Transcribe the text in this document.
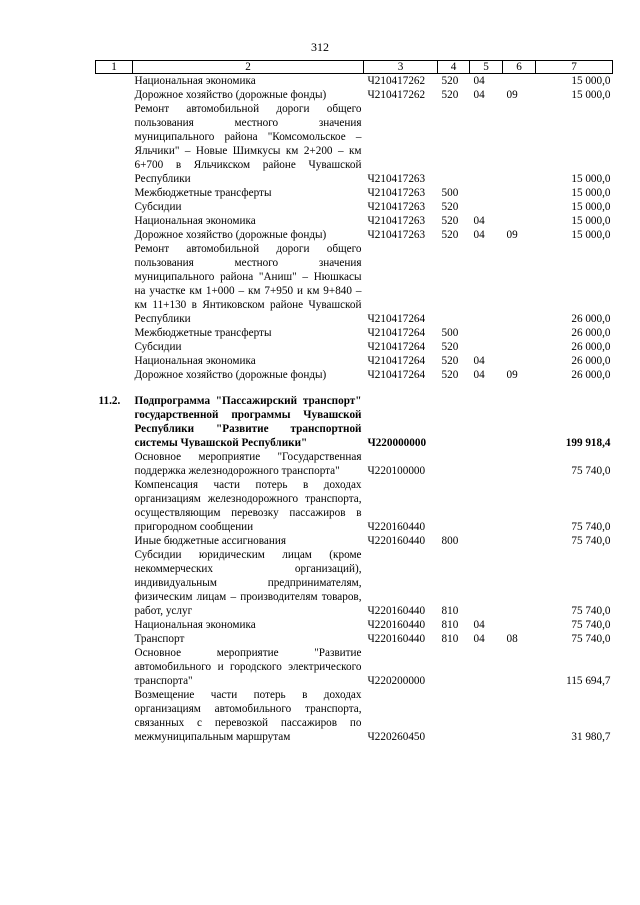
312
1	2	3	4	5	6	7
	Национальная экономика	Ч210417262	520	04		15 000,0
	Дорожное хозяйство (дорожные фонды)	Ч210417262	520	04	09	15 000,0
	Ремонт автомобильной дороги общего пользования местного значения муниципального района "Комсомольское – Яльчики" – Новые Шимкусы км 2+200 – км 6+700 в Яльчикском районе Чувашской Республики	Ч210417263				15 000,0
	Межбюджетные трансферты	Ч210417263	500			15 000,0
	Субсидии	Ч210417263	520			15 000,0
	Национальная экономика	Ч210417263	520	04		15 000,0
	Дорожное хозяйство (дорожные фонды)	Ч210417263	520	04	09	15 000,0
	Ремонт автомобильной дороги общего пользования местного значения муниципального района "Аниш" – Нюшкасы на участке км 1+000 – км 7+950 и км 9+840 – км 11+130 в Янтиковском районе Чувашской Республики	Ч210417264				26 000,0
	Межбюджетные трансферты	Ч210417264	500			26 000,0
	Субсидии	Ч210417264	520			26 000,0
	Национальная экономика	Ч210417264	520	04		26 000,0
	Дорожное хозяйство (дорожные фонды)	Ч210417264	520	04	09	26 000,0

11.2.	Подпрограмма "Пассажирский транспорт" государственной программы Чувашской Республики "Развитие транспортной системы Чувашской Республики"	Ч220000000				199 918,4
	Основное мероприятие "Государственная поддержка железнодорожного транспорта"	Ч220100000				75 740,0
	Компенсация части потерь в доходах организациям железнодорожного транспорта, осуществляющим перевозку пассажиров в пригородном сообщении	Ч220160440				75 740,0
	Иные бюджетные ассигнования	Ч220160440	800			75 740,0
	Субсидии юридическим лицам (кроме некоммерческих организаций), индивидуальным предпринимателям, физическим лицам – производителям товаров, работ, услуг	Ч220160440	810			75 740,0
	Национальная экономика	Ч220160440	810	04		75 740,0
	Транспорт	Ч220160440	810	04	08	75 740,0
	Основное мероприятие "Развитие автомобильного и городского электрического транспорта"	Ч220200000				115 694,7
	Возмещение части потерь в доходах организациям автомобильного транспорта, связанных с перевозкой пассажиров по межмуниципальным маршрутам	Ч220260450				31 980,7
